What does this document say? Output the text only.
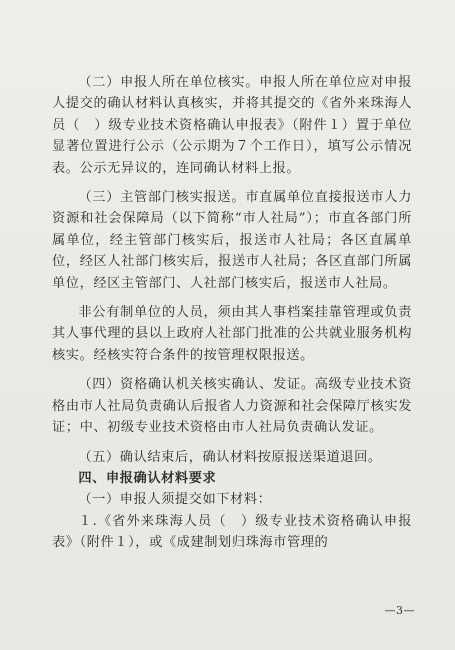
（二）申报人所在单位核实。申报人所在单位应对申报人提交的确认材料认真核实，并将其提交的《省外来珠海人员（　）级专业技术资格确认申报表》（附件１）置于单位显著位置进行公示（公示期为７个工作日），填写公示情况表。公示无异议的，连同确认材料上报。

（三）主管部门核实报送。市直属单位直接报送市人力资源和社会保障局（以下简称“市人社局”）；市直各部门所属单位，经主管部门核实后，报送市人社局；各区直属单位，经区人社部门核实后，报送市人社局；各区直部门所属单位，经区主管部门、人社部门核实后，报送市人社局。

非公有制单位的人员，须由其人事档案挂靠管理或负责其人事代理的县以上政府人社部门批准的公共就业服务机构核实。经核实符合条件的按管理权限报送。

（四）资格确认机关核实确认、发证。高级专业技术资格由市人社局负责确认后报省人力资源和社会保障厅核实发证；中、初级专业技术资格由市人社局负责确认发证。

（五）确认结束后，确认材料按原报送渠道退回。

四、申报确认材料要求

（一）申报人须提交如下材料：

１.《省外来珠海人员（　）级专业技术资格确认申报表》（附件１），或《成建制划归珠海市管理的

—3—
